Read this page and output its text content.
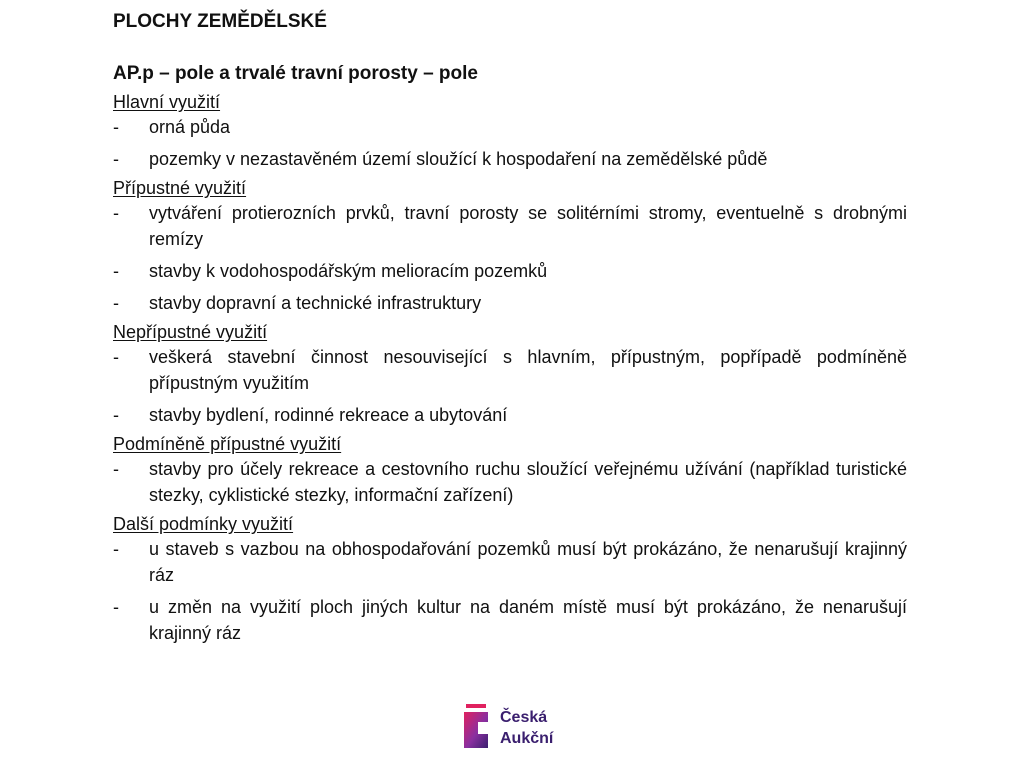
PLOCHY ZEMĚDĚLSKÉ
AP.p – pole a trvalé travní porosty – pole
Hlavní využití
- orná půda
- pozemky v nezastavěném území sloužící k hospodaření na zemědělské půdě
Přípustné využití
- vytváření protierozních prvků, travní porosty se solitérními stromy, eventuelně s drobnými remízy
- stavby k vodohospodářským melioracím pozemků
- stavby dopravní a technické infrastruktury
Nepřípustné využití
- veškerá stavební činnost nesouvisející s hlavním, přípustným, popřípadě podmíněně přípustným využitím
- stavby bydlení, rodinné rekreace a ubytování
Podmíněně přípustné využití
- stavby pro účely rekreace a cestovního ruchu sloužící veřejnému užívání (například turistické stezky, cyklistické stezky, informační zařízení)
Další podmínky využití
- u staveb s vazbou na obhospodařování pozemků musí být prokázáno, že nenarušují krajinný ráz
- u změn na využití ploch jiných kultur na daném místě musí být prokázáno, že nenarušují krajinný ráz
Česká
Aukční
